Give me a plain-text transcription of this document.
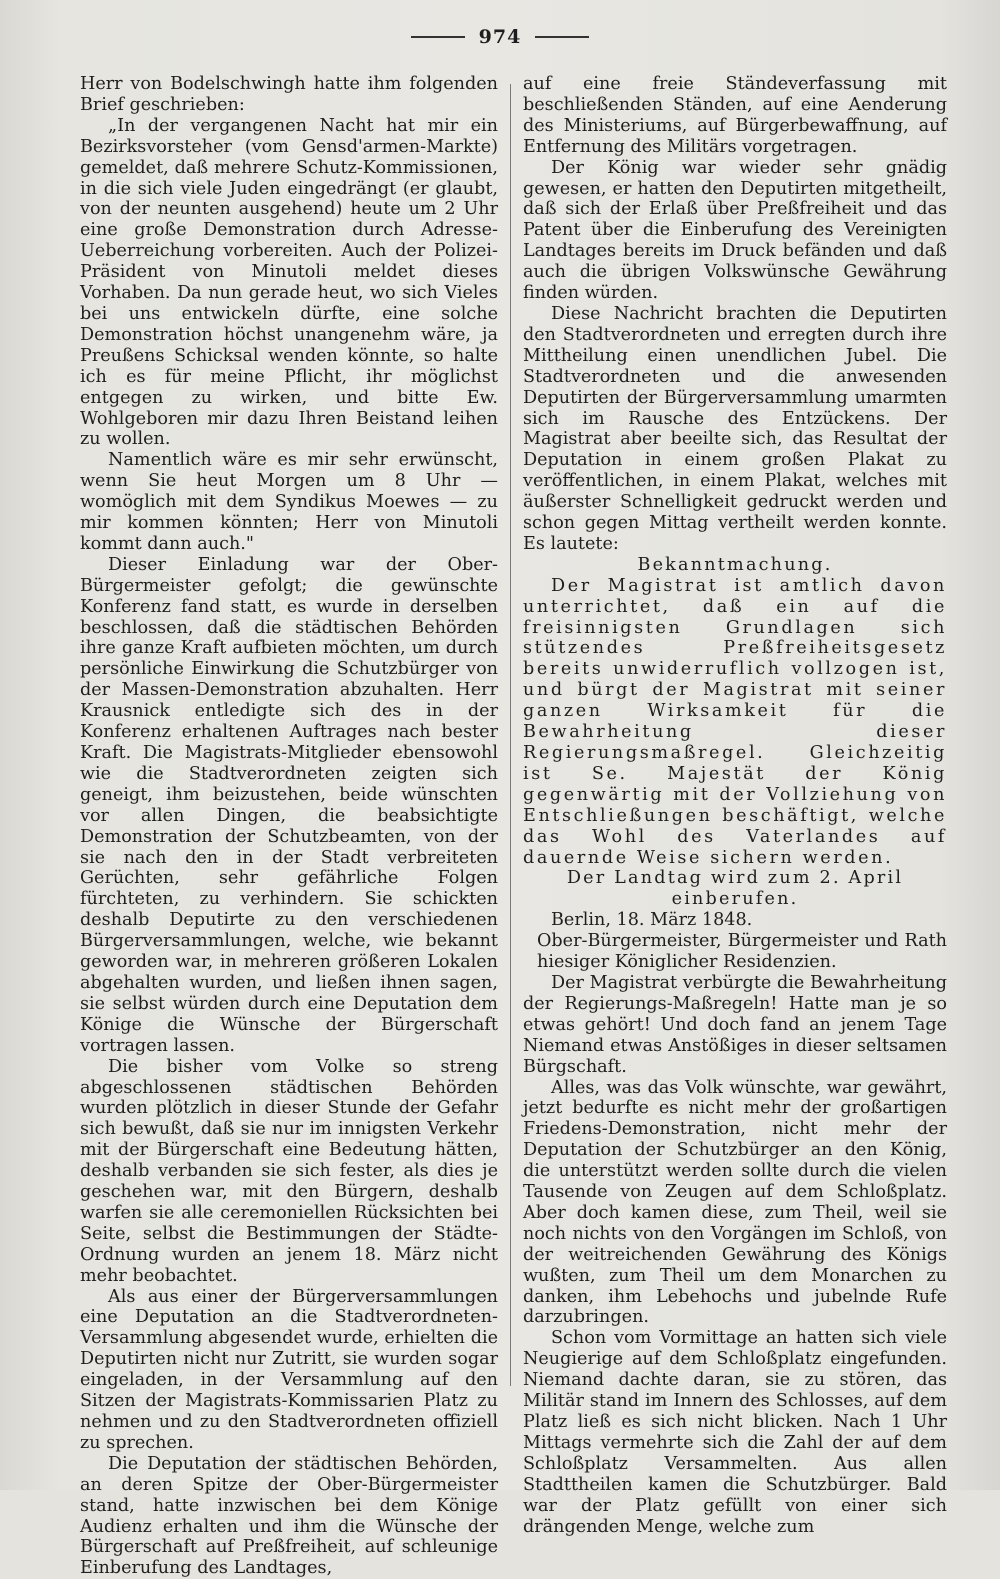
974

Herr von Bodelschwingh hatte ihm folgenden Brief geschrieben:

„In der vergangenen Nacht hat mir ein Bezirksvorsteher (vom Gensd'armen-Markte) gemeldet, daß mehrere Schutz-Kommissionen, in die sich viele Juden eingedrängt (er glaubt, von der neunten ausgehend) heute um 2 Uhr eine große Demonstration durch Adresse-Ueberreichung vorbereiten. Auch der Polizei-Präsident von Minutoli meldet dieses Vorhaben. Da nun gerade heut, wo sich Vieles bei uns entwickeln dürfte, eine solche Demonstration höchst unangenehm wäre, ja Preußens Schicksal wenden könnte, so halte ich es für meine Pflicht, ihr möglichst entgegen zu wirken, und bitte Ew. Wohlgeboren mir dazu Ihren Beistand leihen zu wollen.

Namentlich wäre es mir sehr erwünscht, wenn Sie heut Morgen um 8 Uhr — womöglich mit dem Syndikus Moewes — zu mir kommen könnten; Herr von Minutoli kommt dann auch."

Dieser Einladung war der Ober-Bürgermeister gefolgt; die gewünschte Konferenz fand statt, es wurde in derselben beschlossen, daß die städtischen Behörden ihre ganze Kraft aufbieten möchten, um durch persönliche Einwirkung die Schutzbürger von der Massen-Demonstration abzuhalten. Herr Krausnick entledigte sich des in der Konferenz erhaltenen Auftrages nach bester Kraft. Die Magistrats-Mitglieder ebensowohl wie die Stadtverordneten zeigten sich geneigt, ihm beizustehen, beide wünschten vor allen Dingen, die beabsichtigte Demonstration der Schutzbeamten, von der sie nach den in der Stadt verbreiteten Gerüchten, sehr gefährliche Folgen fürchteten, zu verhindern. Sie schickten deshalb Deputirte zu den verschiedenen Bürgerversammlungen, welche, wie bekannt geworden war, in mehreren größeren Lokalen abgehalten wurden, und ließen ihnen sagen, sie selbst würden durch eine Deputation dem Könige die Wünsche der Bürgerschaft vortragen lassen.

Die bisher vom Volke so streng abgeschlossenen städtischen Behörden wurden plötzlich in dieser Stunde der Gefahr sich bewußt, daß sie nur im innigsten Verkehr mit der Bürgerschaft eine Bedeutung hätten, deshalb verbanden sie sich fester, als dies je geschehen war, mit den Bürgern, deshalb warfen sie alle ceremoniellen Rücksichten bei Seite, selbst die Bestimmungen der Städte-Ordnung wurden an jenem 18. März nicht mehr beobachtet.

Als aus einer der Bürgerversammlungen eine Deputation an die Stadtverordneten-Versammlung abgesendet wurde, erhielten die Deputirten nicht nur Zutritt, sie wurden sogar eingeladen, in der Versammlung auf den Sitzen der Magistrats-Kommissarien Platz zu nehmen und zu den Stadtverordneten offiziell zu sprechen.

Die Deputation der städtischen Behörden, an deren Spitze der Ober-Bürgermeister stand, hatte inzwischen bei dem Könige Audienz erhalten und ihm die Wünsche der Bürgerschaft auf Preßfreiheit, auf schleunige Einberufung des Landtages,

auf eine freie Ständeverfassung mit beschließenden Ständen, auf eine Aenderung des Ministeriums, auf Bürgerbewaffnung, auf Entfernung des Militärs vorgetragen.

Der König war wieder sehr gnädig gewesen, er hatten den Deputirten mitgetheilt, daß sich der Erlaß über Preßfreiheit und das Patent über die Einberufung des Vereinigten Landtages bereits im Druck befänden und daß auch die übrigen Volkswünsche Gewährung finden würden.

Diese Nachricht brachten die Deputirten den Stadtverordneten und erregten durch ihre Mittheilung einen unendlichen Jubel. Die Stadtverordneten und die anwesenden Deputirten der Bürgerversammlung umarmten sich im Rausche des Entzückens. Der Magistrat aber beeilte sich, das Resultat der Deputation in einem großen Plakat zu veröffentlichen, in einem Plakat, welches mit äußerster Schnelligkeit gedruckt werden und schon gegen Mittag vertheilt werden konnte. Es lautete:

Bekanntmachung.

Der Magistrat ist amtlich davon unterrichtet, daß ein auf die freisinnigsten Grundlagen sich stützendes Preßfreiheitsgesetz bereits unwiderruflich vollzogen ist, und bürgt der Magistrat mit seiner ganzen Wirksamkeit für die Bewahrheitung dieser Regierungsmaßregel. Gleichzeitig ist Se. Majestät der König gegenwärtig mit der Vollziehung von Entschließungen beschäftigt, welche das Wohl des Vaterlandes auf dauernde Weise sichern werden.

Der Landtag wird zum 2. April einberufen.

Berlin, 18. März 1848.

Ober-Bürgermeister, Bürgermeister und Rath hiesiger Königlicher Residenzien.

Der Magistrat verbürgte die Bewahrheitung der Regierungs-Maßregeln! Hatte man je so etwas gehört! Und doch fand an jenem Tage Niemand etwas Anstößiges in dieser seltsamen Bürgschaft.

Alles, was das Volk wünschte, war gewährt, jetzt bedurfte es nicht mehr der großartigen Friedens-Demonstration, nicht mehr der Deputation der Schutzbürger an den König, die unterstützt werden sollte durch die vielen Tausende von Zeugen auf dem Schloßplatz. Aber doch kamen diese, zum Theil, weil sie noch nichts von den Vorgängen im Schloß, von der weitreichenden Gewährung des Königs wußten, zum Theil um dem Monarchen zu danken, ihm Lebehochs und jubelnde Rufe darzubringen.

Schon vom Vormittage an hatten sich viele Neugierige auf dem Schloßplatz eingefunden. Niemand dachte daran, sie zu stören, das Militär stand im Innern des Schlosses, auf dem Platz ließ es sich nicht blicken. Nach 1 Uhr Mittags vermehrte sich die Zahl der auf dem Schloßplatz Versammelten. Aus allen Stadttheilen kamen die Schutzbürger. Bald war der Platz gefüllt von einer sich drängenden Menge, welche zum
